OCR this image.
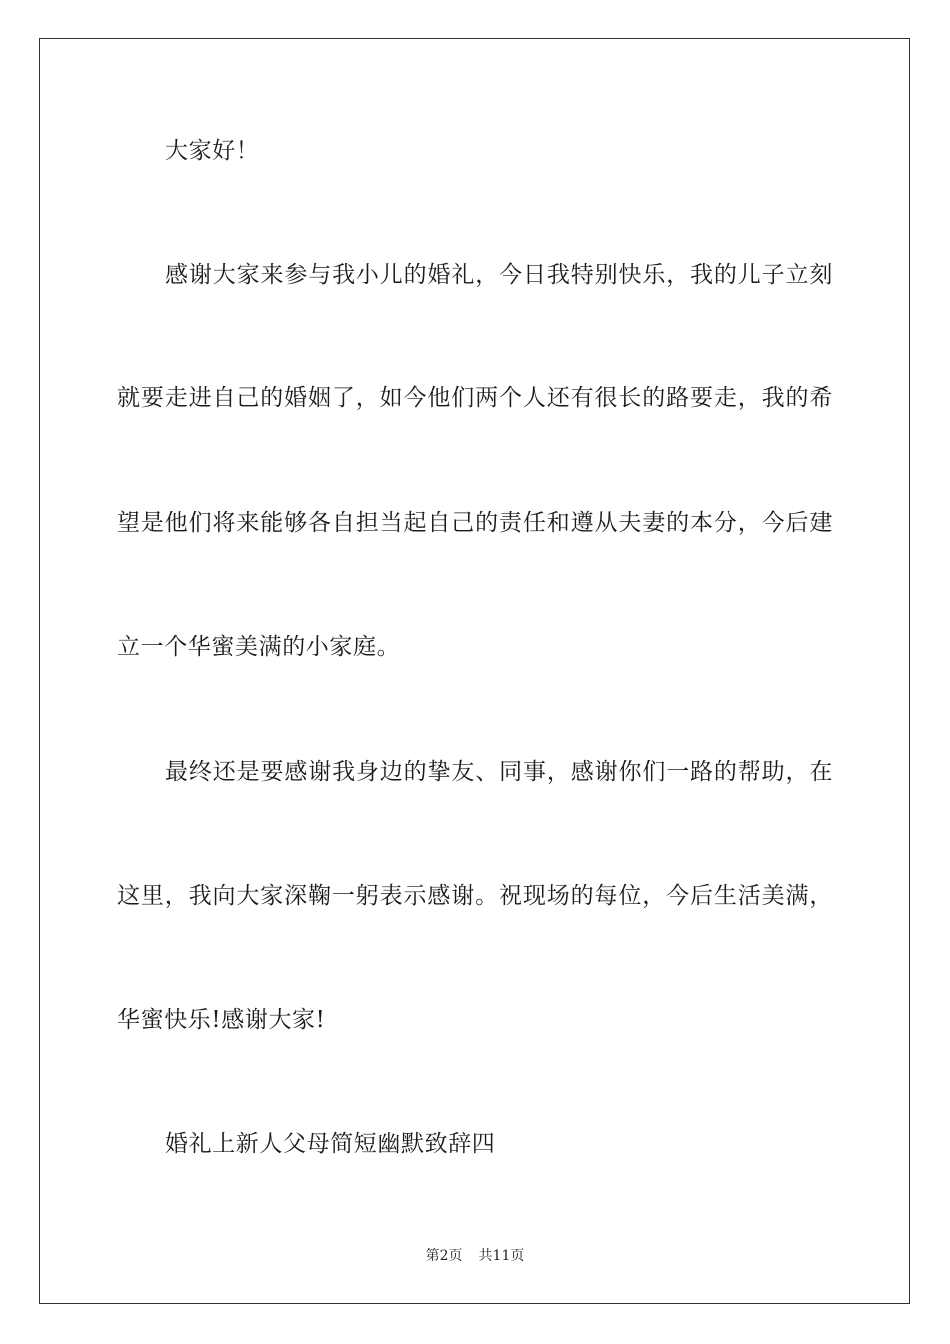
大家好！
感谢大家来参与我小儿的婚礼，今日我特别快乐，我的儿子立刻
就要走进自己的婚姻了，如今他们两个人还有很长的路要走，我的希
望是他们将来能够各自担当起自己的责任和遵从夫妻的本分，今后建
立一个华蜜美满的小家庭。
最终还是要感谢我身边的挚友、同事，感谢你们一路的帮助，在
这里，我向大家深鞠一躬表示感谢。祝现场的每位，今后生活美满，
华蜜快乐!感谢大家!
婚礼上新人父母简短幽默致辞四
第2页 共11页
